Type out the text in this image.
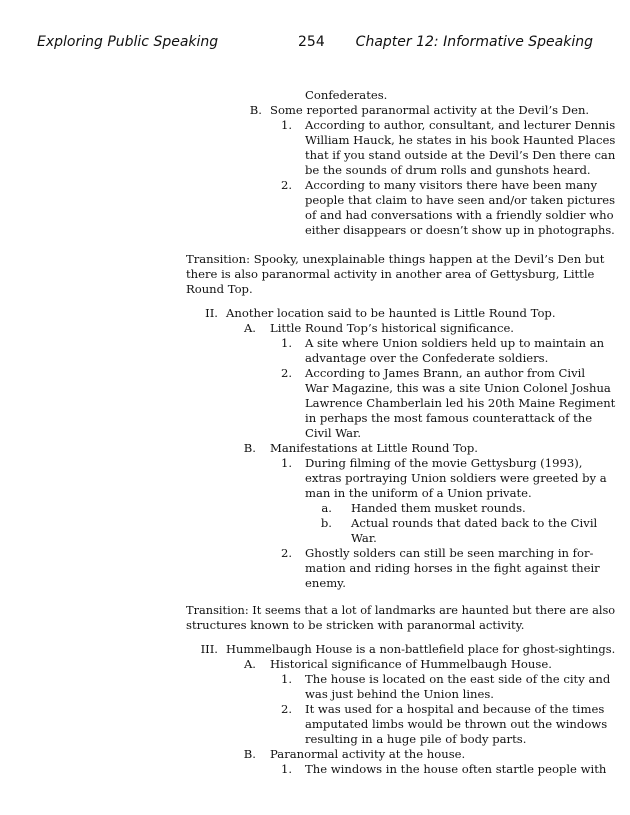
Exploring Public Speaking	254 Chapter 12: Informative Speaking
Confederates.
B. Some reported paranormal activity at the Devil’s Den.
1. According to author, consultant, and lecturer Dennis
William Hauck, he states in his book Haunted Places
that if you stand outside at the Devil’s Den there can
be the sounds of drum rolls and gunshots heard.
2. According to many visitors there have been many
people that claim to have seen and/or taken pictures
of and had conversations with a friendly soldier who
either disappears or doesn’t show up in photographs.
Transition: Spooky, unexplainable things happen at the Devil’s Den but
there is also paranormal activity in another area of Gettysburg, Little
Round Top.
II. Another location said to be haunted is Little Round Top.
A. Little Round Top’s historical significance.
1. A site where Union soldiers held up to maintain an
advantage over the Confederate soldiers.
2. According to James Brann, an author from Civil
War Magazine, this was a site Union Colonel Joshua
Lawrence Chamberlain led his 20th Maine Regiment
in perhaps the most famous counterattack of the
Civil War.
B. Manifestations at Little Round Top.
1. During filming of the movie Gettysburg (1993),
extras portraying Union soldiers were greeted by a
man in the uniform of a Union private.
a. Handed them musket rounds.
b. Actual rounds that dated back to the Civil
War.
2. Ghostly solders can still be seen marching in for-
mation and riding horses in the fight against their
enemy.
Transition: It seems that a lot of landmarks are haunted but there are also
structures known to be stricken with paranormal activity.
III. Hummelbaugh House is a non-battlefield place for ghost-sightings.
A. Historical significance of Hummelbaugh House.
1. The house is located on the east side of the city and
was just behind the Union lines.
2. It was used for a hospital and because of the times
amputated limbs would be thrown out the windows
resulting in a huge pile of body parts.
B. Paranormal activity at the house.
1. The windows in the house often startle people with
